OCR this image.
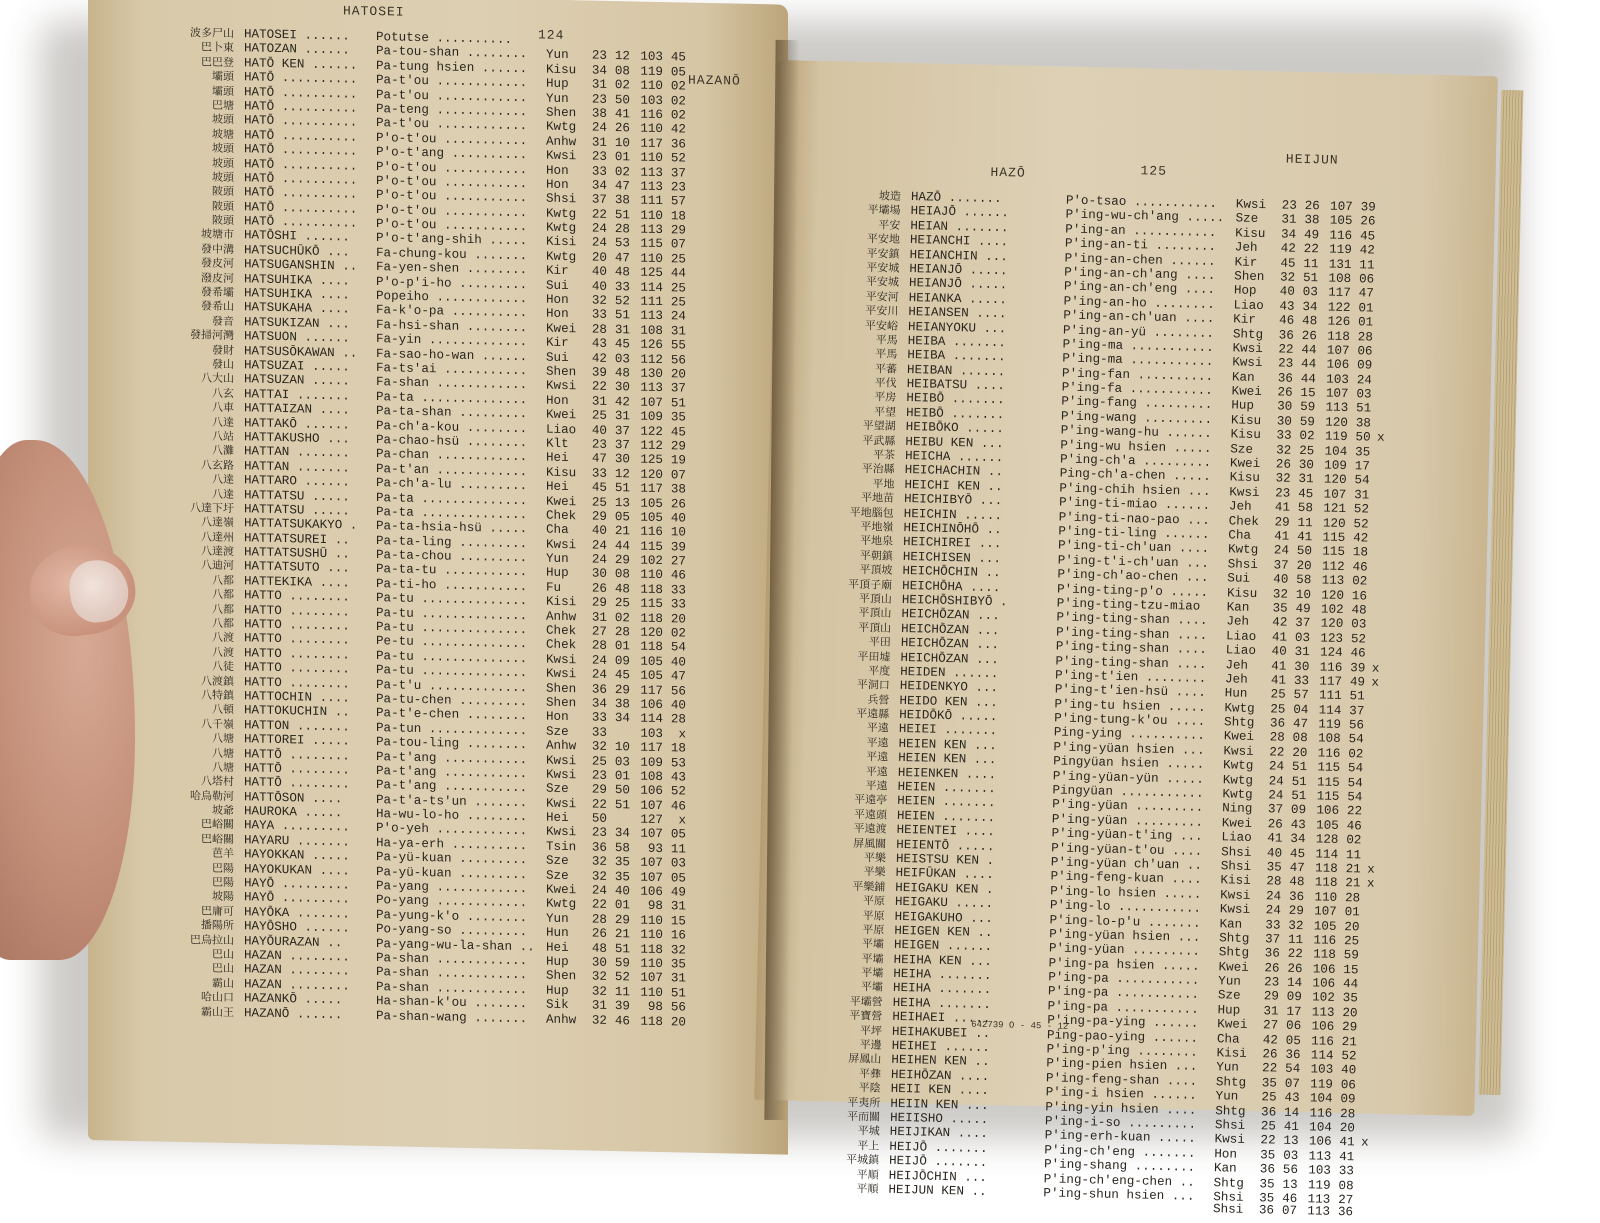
HATOSEI
124
HAZANŌ
波多尸山 HATOSEI ......	Potutse ..........
巴卜東 HATOZAN ......	Pa-tou-shan ........	Yun	23 12 103 45
巴巴登 HATŌ KEN ......	Pa-tung hsien ......	Kisu	34 08 119 05
壩頭 HATŌ ..........	Pa-t'ou ............	Hup	31 02 110 02
壩頭 HATŌ ..........	Pa-t'ou ............	Yun	23 50 103 02
巴塘 HATŌ ..........	Pa-teng ............	Shen	38 41 116 02
坡頭 HATŌ ..........	Pa-t'ou ............	Kwtg	24 26 110 42
坡塘 HATŌ ..........	P'o-t'ou ...........	Anhw	31 10 117 36
坡頭 HATŌ ..........	P'o-t'ang ..........	Kwsi	23 01 110 52
坡頭 HATŌ ..........	P'o-t'ou ...........	Hon	33 02 113 37
坡頭 HATŌ ..........	P'o-t'ou ...........	Hon	34 47 113 23
陂頭 HATŌ ..........	P'o-t'ou ...........	Shsi	37 38 111 57
陂頭 HATŌ ..........	P'o-t'ou ...........	Kwtg	22 51 110 18
陂頭 HATŌ ..........	P'o-t'ou ...........	Kwtg	24 28 113 29
坡塘市 HATŌSHI ......	P'o-t'ang-shih .....	Kisi	24 53 115 07
發中溝 HATSUCHŪKŌ ...	Fa-chung-kou .......	Kwtg	20 47 110 25
發皮河 HATSUGANSHIN ..	Fa-yen-shen ........	Kir	40 48 125 44
潑皮河 HATSUHIKA ....	P'o-p'i-ho .........	Sui	40 33 114 25
發希壩 HATSUHIKA ....	Popeiho ............	Hon	32 52 111 25
發希山 HATSUKAHA ....	Fa-k'o-pa ..........	Hon	33 51 113 24
發音 HATSUKIZAN ...	Fa-hsi-shan ........	Kwei	28 31 108 31
發掃河灣 HATSUON ......	Fa-yin .............	Kir	43 45 126 55
發財 HATSUSŌKAWAN ..	Fa-sao-ho-wan ......	Sui	42 03 112 56
發山 HATSUZAI .....	Fa-ts'ai ...........	Shen	39 48 130 20
八大山 HATSUZAN .....	Fa-shan ............	Kwsi	22 30 113 37
八玄 HATTAI .......	Pa-ta ..............	Hon	31 42 107 51
八車 HATTAIZAN ....	Pa-ta-shan .........	Kwei	25 31 109 35
八達 HATTAKŌ ......	Pa-ch'a-kou ........	Liao	40 37 122 45
八站 HATTAKUSHO ...	Pa-chao-hsü ........	Klt	23 37 112 29
八灘 HATTAN .......	Pa-chan ............	Hei	47 30 125 19
八玄路 HATTAN .......	Pa-t'an ............	Kisu	33 12 120 07
八達 HATTARO ......	Pa-ch'a-lu .........	Hei	45 51 117 38
八達 HATTATSU .....	Pa-ta ..............	Kwei	25 13 105 26
八達下圩 HATTATSU .....	Pa-ta ..............	Chek	29 05 105 40
八達嶺 HATTATSUKAKYO .	Pa-ta-hsia-hsü .....	Cha	40 21 116 10
八達州 HATTATSUREI ..	Pa-ta-ling .........	Kwsi	24 44 115 39
八達渡 HATTATSUSHŪ ..	Pa-ta-chou .........	Yun	24 29 102 27
八迪河 HATTATSUTO ...	Pa-ta-tu ...........	Hup	30 08 110 46
八都 HATTEKIKA ....	Pa-ti-ho ...........	Fu	26 48 118 33
八都 HATTO ........	Pa-tu ..............	Kisi	29 25 115 33
八都 HATTO ........	Pa-tu ..............	Anhw	31 02 118 20
八都 HATTO ........	Pa-tu ..............	Chek	27 28 120 02
八渡 HATTO ........	Pe-tu ..............	Chek	28 01 118 54
八渡 HATTO ........	Pa-tu ..............	Kwsi	24 09 105 40
八徒 HATTO ........	Pa-tu ..............	Kwsi	24 45 105 47
八渡鎮 HATTO ........	Pa-t'u .............	Shen	36 29 117 56
八特鎮 HATTOCHIN ....	Pa-tu-chen .........	Shen	34 38 106 40
八頓 HATTOKUCHIN ..	Pa-t'e-chen ........	Hon	33 34 114 28
八千嶺 HATTON .......	Pa-tun .............	Sze	33	103	x
八塘 HATTOREI .....	Pa-tou-ling ........	Anhw	32 10 117 18
八塘 HATTŌ ........	Pa-t'ang ...........	Kwsi	25 03 109 53
八塘 HATTŌ ........	Pa-t'ang ...........	Kwsi	23 01 108 43
八塔村 HATTŌ ........	Pa-t'ang ...........	Sze	29 50 106 52
哈烏勒河 HATTŌSON ....	Pa-t'a-ts'un .......	Kwsi	22 51 107 46
坡爺 HAUROKA .....	Ha-wu-lo-ho ........	Hei	50	127	x
巴峪關 HAYA .........	P'o-yeh ............	Kwsi	23 34 107 05
巴峪關 HAYARU .......	Ha-ya-erh ..........	Tsin	36 58	93 11
芭羊 HAYOKKAN .....	Pa-yü-kuan .........	Sze	32 35 107 03
巴陽 HAYOKUKAN ....	Pa-yü-kuan .........	Sze	32 35 107 05
巴陽 HAYŌ .........	Pa-yang ............	Kwei	24 40 106 49
坡陽 HAYŌ .........	Po-yang ............	Kwtg	22 01	98 31
巴庸可 HAYŌKA .......	Pa-yung-k'o ........	Yun	28 29 110 15
播陽所 HAYŌSHO ......	Po-yang-so .........	Hun	26 21 110 16
巴烏拉山 HAYŌURAZAN ..	Pa-yang-wu-la-shan .. Hei	48 51 118 32
巴山 HAZAN ........	Pa-shan ............	Hup	30 59 110 35
巴山 HAZAN ........	Pa-shan ............	Shen	32 52 107 31
霸山 HAZAN ........	Pa-shan ............	Hup	32 11 110 51
哈山口 HAZANKŌ .....	Ha-shan-k'ou .......	Sik	31 39	98 56
霸山王 HAZANŌ ......	Pa-shan-wang .......	Anhw	32 46 118 20
HAZŌ	125
HEIJUN
坡造 HAZŌ .......	P'o-tsao ...........	Kwsi	23 26 107 39
平壩場 HEIAJŌ ......	P'ing-wu-ch'ang ..... Sze	31 38 105 26
平安 HEIAN .......	P'ing-an ...........	Kisu	34 49 116 45
平安地 HEIANCHI ....	P'ing-an-ti ........	Jeh	42 22 119 42
平安鎮 HEIANCHIN ...	P'ing-an-chen ......	Kir	45 11 131 11
平安城 HEIANJŌ .....	P'ing-an-ch'ang ....	Shen	32 51 108 06
平安城 HEIANJŌ .....	P'ing-an-ch'eng ....	Hop	40 03 117 47
平安河 HEIANKA .....	P'ing-an-ho ........	Liao	43 34 122 01
平安川 HEIANSEN ....	P'ing-an-ch'uan ....	Kir	46 48 126 01
平安峪 HEIANYOKU ...	P'ing-an-yü ........	Shtg	36 26 118 28
平馬 HEIBA .......	P'ing-ma ...........	Kwsi	22 44 107 06
平馬 HEIBA .......	P'ing-ma ...........	Kwsi	23 44 106 09
平蕃 HEIBAN ......	P'ing-fan ..........	Kan	36 44 103 24
平伐 HEIBATSU ....	P'ing-fa ...........	Kwei	26 15 107 03
平房 HEIBŌ .......	P'ing-fang .........	Hup	30 59 113 51
平望 HEIBŌ .......	P'ing-wang .........	Kisu	30 59 120 38
平望湖 HEIBŌKO .....	P'ing-wang-hu ......	Kisu	33 02 119 50 x
平武縣 HEIBU KEN ...	P'ing-wu hsien .....	Sze	32 25 104 35
平茶 HEICHA ......	P'ing-ch'a .........	Kwei	26 30 109 17
平治縣 HEICHACHIN ..	Ping-ch'a-chen .....	Kisu	32 31 120 54
平地 HEICHI KEN ..	P'ing-chih hsien ...	Kwsi	23 45 107 31
平地苗 HEICHIBYŌ ...	P'ing-ti-miao ......	Jeh	41 58 121 52
平地腦包 HEICHIN .....	P'ing-ti-nao-pao ...	Chek	29 11 120 52
平地嶺 HEICHINŌHŌ ..	P'ing-ti-ling ......	Cha	41 41 115 42
平地泉 HEICHIREI ...	P'ing-ti-ch'uan ....	Kwtg	24 50 115 18
平朝鎮 HEICHISEN ...	P'ing-t'i-ch'uan ...	Shsi	37 20 112 46
平頂坡 HEICHŌCHIN ..	P'ing-ch'ao-chen ...	Sui	40 58 113 02
平頂子廟 HEICHŌHA ....	P'ing-ting-p'o .....	Kisu	32 10 120 16
平頂山 HEICHŌSHIBYŌ .	P'ing-ting-tzu-miao	Kan	35 49 102 48
平頂山 HEICHŌZAN ...	P'ing-ting-shan ....	Jeh	42 37 120 03
平頂山 HEICHŌZAN ...	P'ing-ting-shan ....	Liao	41 03 123 52
平田 HEICHŌZAN ...	P'ing-ting-shan ....	Liao	40 31 124 46
平田墟 HEICHŌZAN ...	P'ing-ting-shan ....	Jeh	41 30 116 39 x
平度 HEIDEN ......	P'ing-t'ien ........	Jeh	41 33 117 49 x
平洞口 HEIDENKYO ...	P'ing-t'ien-hsü ....	Hun	25 57 111 51
兵營 HEIDO KEN ...	P'ing-tu hsien .....	Kwtg	25 04 114 37
平遠縣 HEIDŌKŌ .....	P'ing-tung-k'ou ....	Shtg	36 47 119 56
平遠 HEIEI .......	Ping-ying ..........	Kwei	28 08 108 54
平遠 HEIEN KEN ...	P'ing-yüan hsien ...	Kwsi	22 20 116 02
平遠 HEIEN KEN ...	Pingyüan hsien .....	Kwtg	24 51 115 54
平遠 HEIENKEN ....	P'ing-yüan-yün .....	Kwtg	24 51 115 54
平遠 HEIEN .......	Pingyüan ...........	Kwtg	24 51 115 54
平遠亭 HEIEN .......	P'ing-yüan .........	Ning	37 09 106 22
平遠頭 HEIEN .......	P'ing-yüan .........	Kwei	26 43 105 46
平遠渡 HEIENTEI ....	P'ing-yüan-t'ing ...	Liao	41 34 128 02
屏風關 HEIENTŌ .....	P'ing-yüan-t'ou ....	Shsi	40 45 114 11
平樂 HEISTSU KEN .	P'ing-yüan ch'uan ..	Shsi	35 47 118 21 x
平樂 HEIFŪKAN ....	P'ing-feng-kuan ....	Kisi	28 48 118 21 x
平樂鋪 HEIGAKU KEN .	P'ing-lo hsien .....	Kwsi	24 36 110 28
平原 HEIGAKU .....	P'ing-lo ...........	Kwsi	24 29 107 01
平原 HEIGAKUHO ...	P'ing-lo-p'u .......	Kan	33 32 105 20
平原 HEIGEN KEN ..	P'ing-yüan hsien ...	Shtg	37 11 116 25
平壩 HEIGEN ......	P'ing-yüan .........	Shtg	36 22 118 59
平壩 HEIHA KEN ...	P'ing-pa hsien .....	Kwei	26 26 106 15
平壩 HEIHA .......	P'ing-pa ...........	Yun	23 14 106 44
平壩 HEIHA .......	P'ing-pa ...........	Sze	29 09 102 35
平壩營 HEIHA .......	P'ing-pa ...........	Hup	31 17 113 20
平寶營 HEIHAEI .....	P'ing-pa-ying ......	Kwei	27 06 106 29
平坪 HEIHAKUBEI ..	Ping-pao-ying ......	Cha	42 05 116 21
平邊 HEIHEI ......	P'ing-p'ing ........	Kisi	26 36 114 52
屏鳳山 HEIHEN KEN ..	P'ing-pien hsien ...	Yun	22 54 103 40
平彝 HEIHŌZAN ....	P'ing-feng-shan ....	Shtg	35 07 119 06
平陰 HEII KEN ....	P'ing-i hsien ......	Yun	25 43 104 09
平夷所 HEIIN KEN ...	P'ing-yin hsien ....	Shtg	36 14 116 28
平而關 HEIISHO .....	P'ing-i-so .........	Shsi	25 41 104 20
平城 HEIJIKAN ....	P'ing-erh-kuan .....	Kwsi	22 13 106 41 x
平上 HEIJŌ .......	P'ing-ch'eng .......	Hon	35 03 113 41
平城鎮 HEIJŌ .......	P'ing-shang ........	Kan	36 56 103 33
平順 HEIJŌCHIN ...	P'ing-ch'eng-chen ..	Shtg	35 13 119 08
平順 HEIJUN KEN ..	P'ing-shun hsien ...	Shsi	35 46 113 27
Shsi	36 07 113 36
642739 O - 45 - 12
